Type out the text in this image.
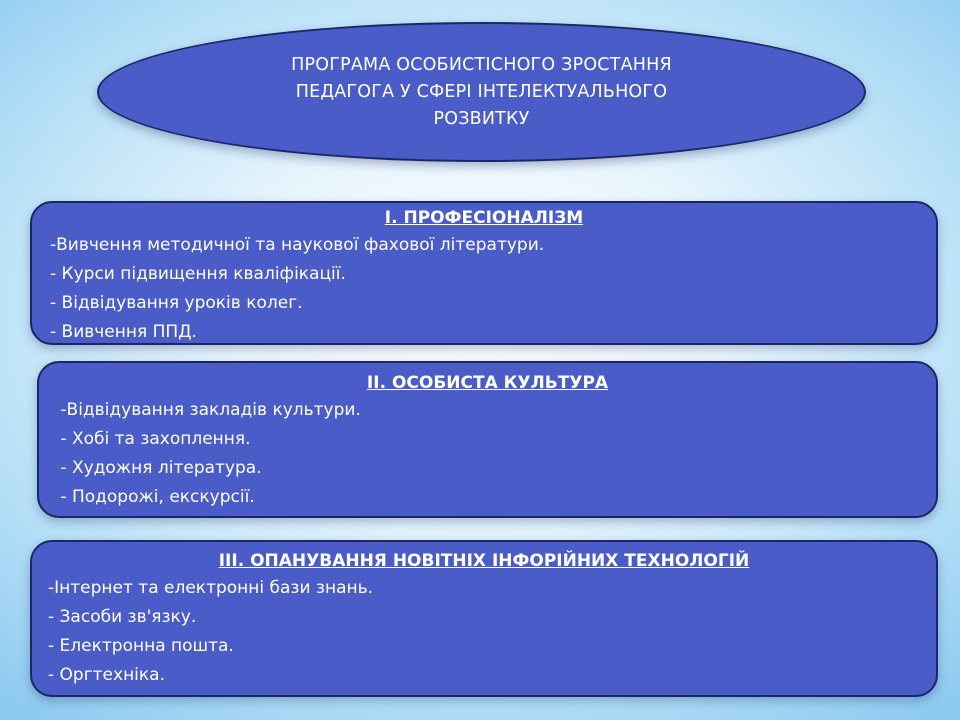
ПРОГРАМА ОСОБИСТІСНОГО ЗРОСТАННЯ
ПЕДАГОГА У СФЕРІ ІНТЕЛЕКТУАЛЬНОГО
РОЗВИТКУ

І. ПРОФЕСІОНАЛІЗМ

-Вивчення методичної та наукової фахової літератури.

- Курси підвищення кваліфікації.

- Відвідування уроків колег.

- Вивчення ППД.

ІІ. ОСОБИСТА КУЛЬТУРА

-Відвідування закладів культури.

- Хобі та захоплення.

- Художня література.

- Подорожі, екскурсії.

ІІІ. ОПАНУВАННЯ НОВІТНІХ ІНФОРІЙНИХ ТЕХНОЛОГІЙ

-Інтернет та електронні бази знань.

- Засоби зв'язку.

- Електронна пошта.

- Оргтехніка.
